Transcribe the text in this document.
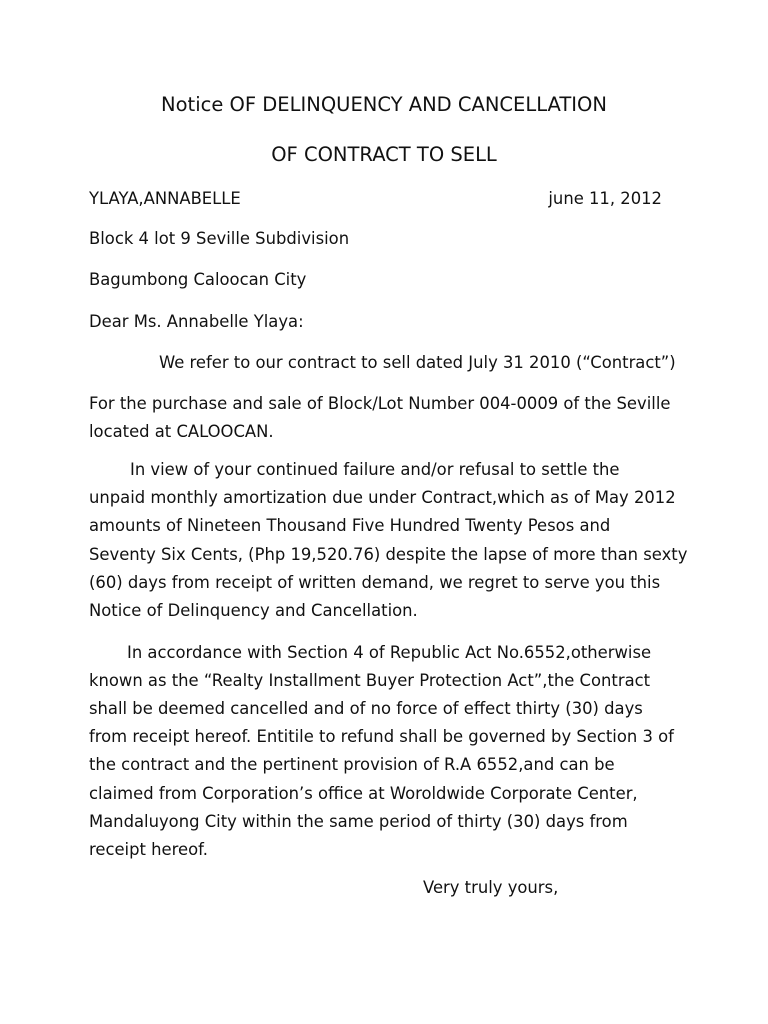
Notice OF DELINQUENCY AND CANCELLATION

OF CONTRACT TO SELL

YLAYA,ANNABELLE	june 11, 2012

Block 4 lot 9 Seville Subdivision

Bagumbong Caloocan City

Dear Ms. Annabelle Ylaya:

We refer to our contract to sell dated July 31 2010 (“Contract”)

For the purchase and sale of Block/Lot Number 004-0009 of the Seville

located at CALOOCAN.

In view of your continued failure and/or refusal to settle the

unpaid monthly amortization due under Contract,which as of May 2012

amounts of Nineteen Thousand Five Hundred Twenty Pesos and

Seventy Six Cents, (Php 19,520.76) despite the lapse of more than sexty

(60) days from receipt of written demand, we regret to serve you this

Notice of Delinquency and Cancellation.

In accordance with Section 4 of Republic Act No.6552,otherwise

known as the “Realty Installment Buyer Protection Act”,the Contract

shall be deemed cancelled and of no force of effect thirty (30) days

from receipt hereof. Entitile to refund shall be governed by Section 3 of

the contract and the pertinent provision of R.A 6552,and can be

claimed from Corporation’s office at Woroldwide Corporate Center,

Mandaluyong City within the same period of thirty (30) days from

receipt hereof.

Very truly yours,
